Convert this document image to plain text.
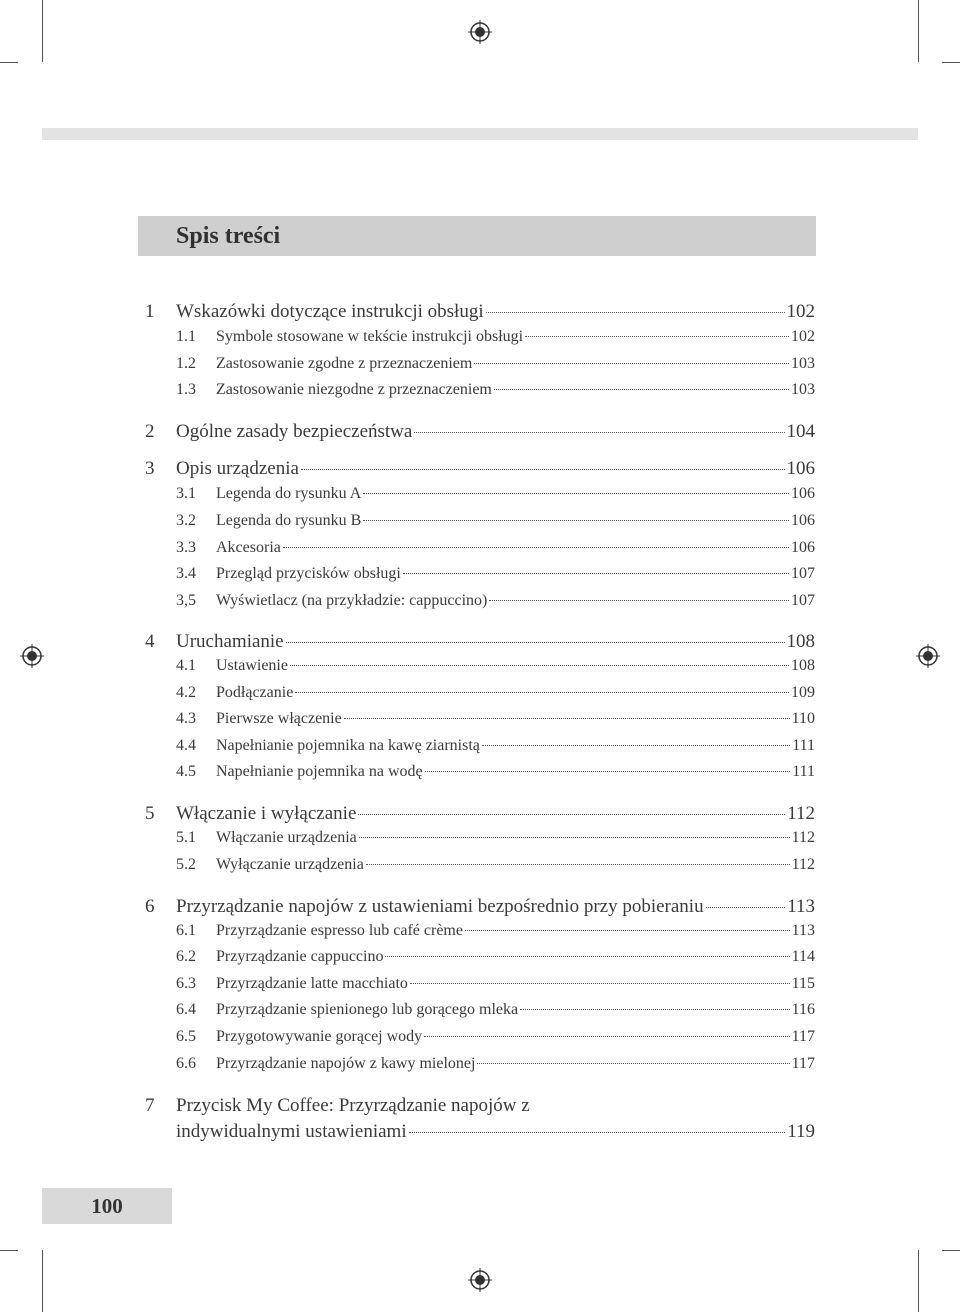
Spis treści
1	Wskazówki dotyczące instrukcji obsługi	102
1.1	Symbole stosowane w tekście instrukcji obsługi	102
1.2	Zastosowanie zgodne z przeznaczeniem	103
1.3	Zastosowanie niezgodne z przeznaczeniem	103
2	Ogólne zasady bezpieczeństwa	104
3	Opis urządzenia	106
3.1	Legenda do rysunku A	106
3.2	Legenda do rysunku B	106
3.3	Akcesoria	106
3.4	Przegląd przycisków obsługi	107
3,5	Wyświetlacz (na przykładzie: cappuccino)	107
4	Uruchamianie	108
4.1	Ustawienie	108
4.2	Podłączanie	109
4.3	Pierwsze włączenie	110
4.4	Napełnianie pojemnika na kawę ziarnistą	111
4.5	Napełnianie pojemnika na wodę	111
5	Włączanie i wyłączanie	112
5.1	Włączanie urządzenia	112
5.2	Wyłączanie urządzenia	112
6	Przyrządzanie napojów z ustawieniami bezpośrednio przy pobieraniu	113
6.1	Przyrządzanie espresso lub café crème	113
6.2	Przyrządzanie cappuccino	114
6.3	Przyrządzanie latte macchiato	115
6.4	Przyrządzanie spienionego lub gorącego mleka	116
6.5	Przygotowywanie gorącej wody	117
6.6	Przyrządzanie napojów z kawy mielonej	117
7 Przycisk My Coffee: Przyrządzanie napojów z
indywidualnymi ustawieniami	119
100
